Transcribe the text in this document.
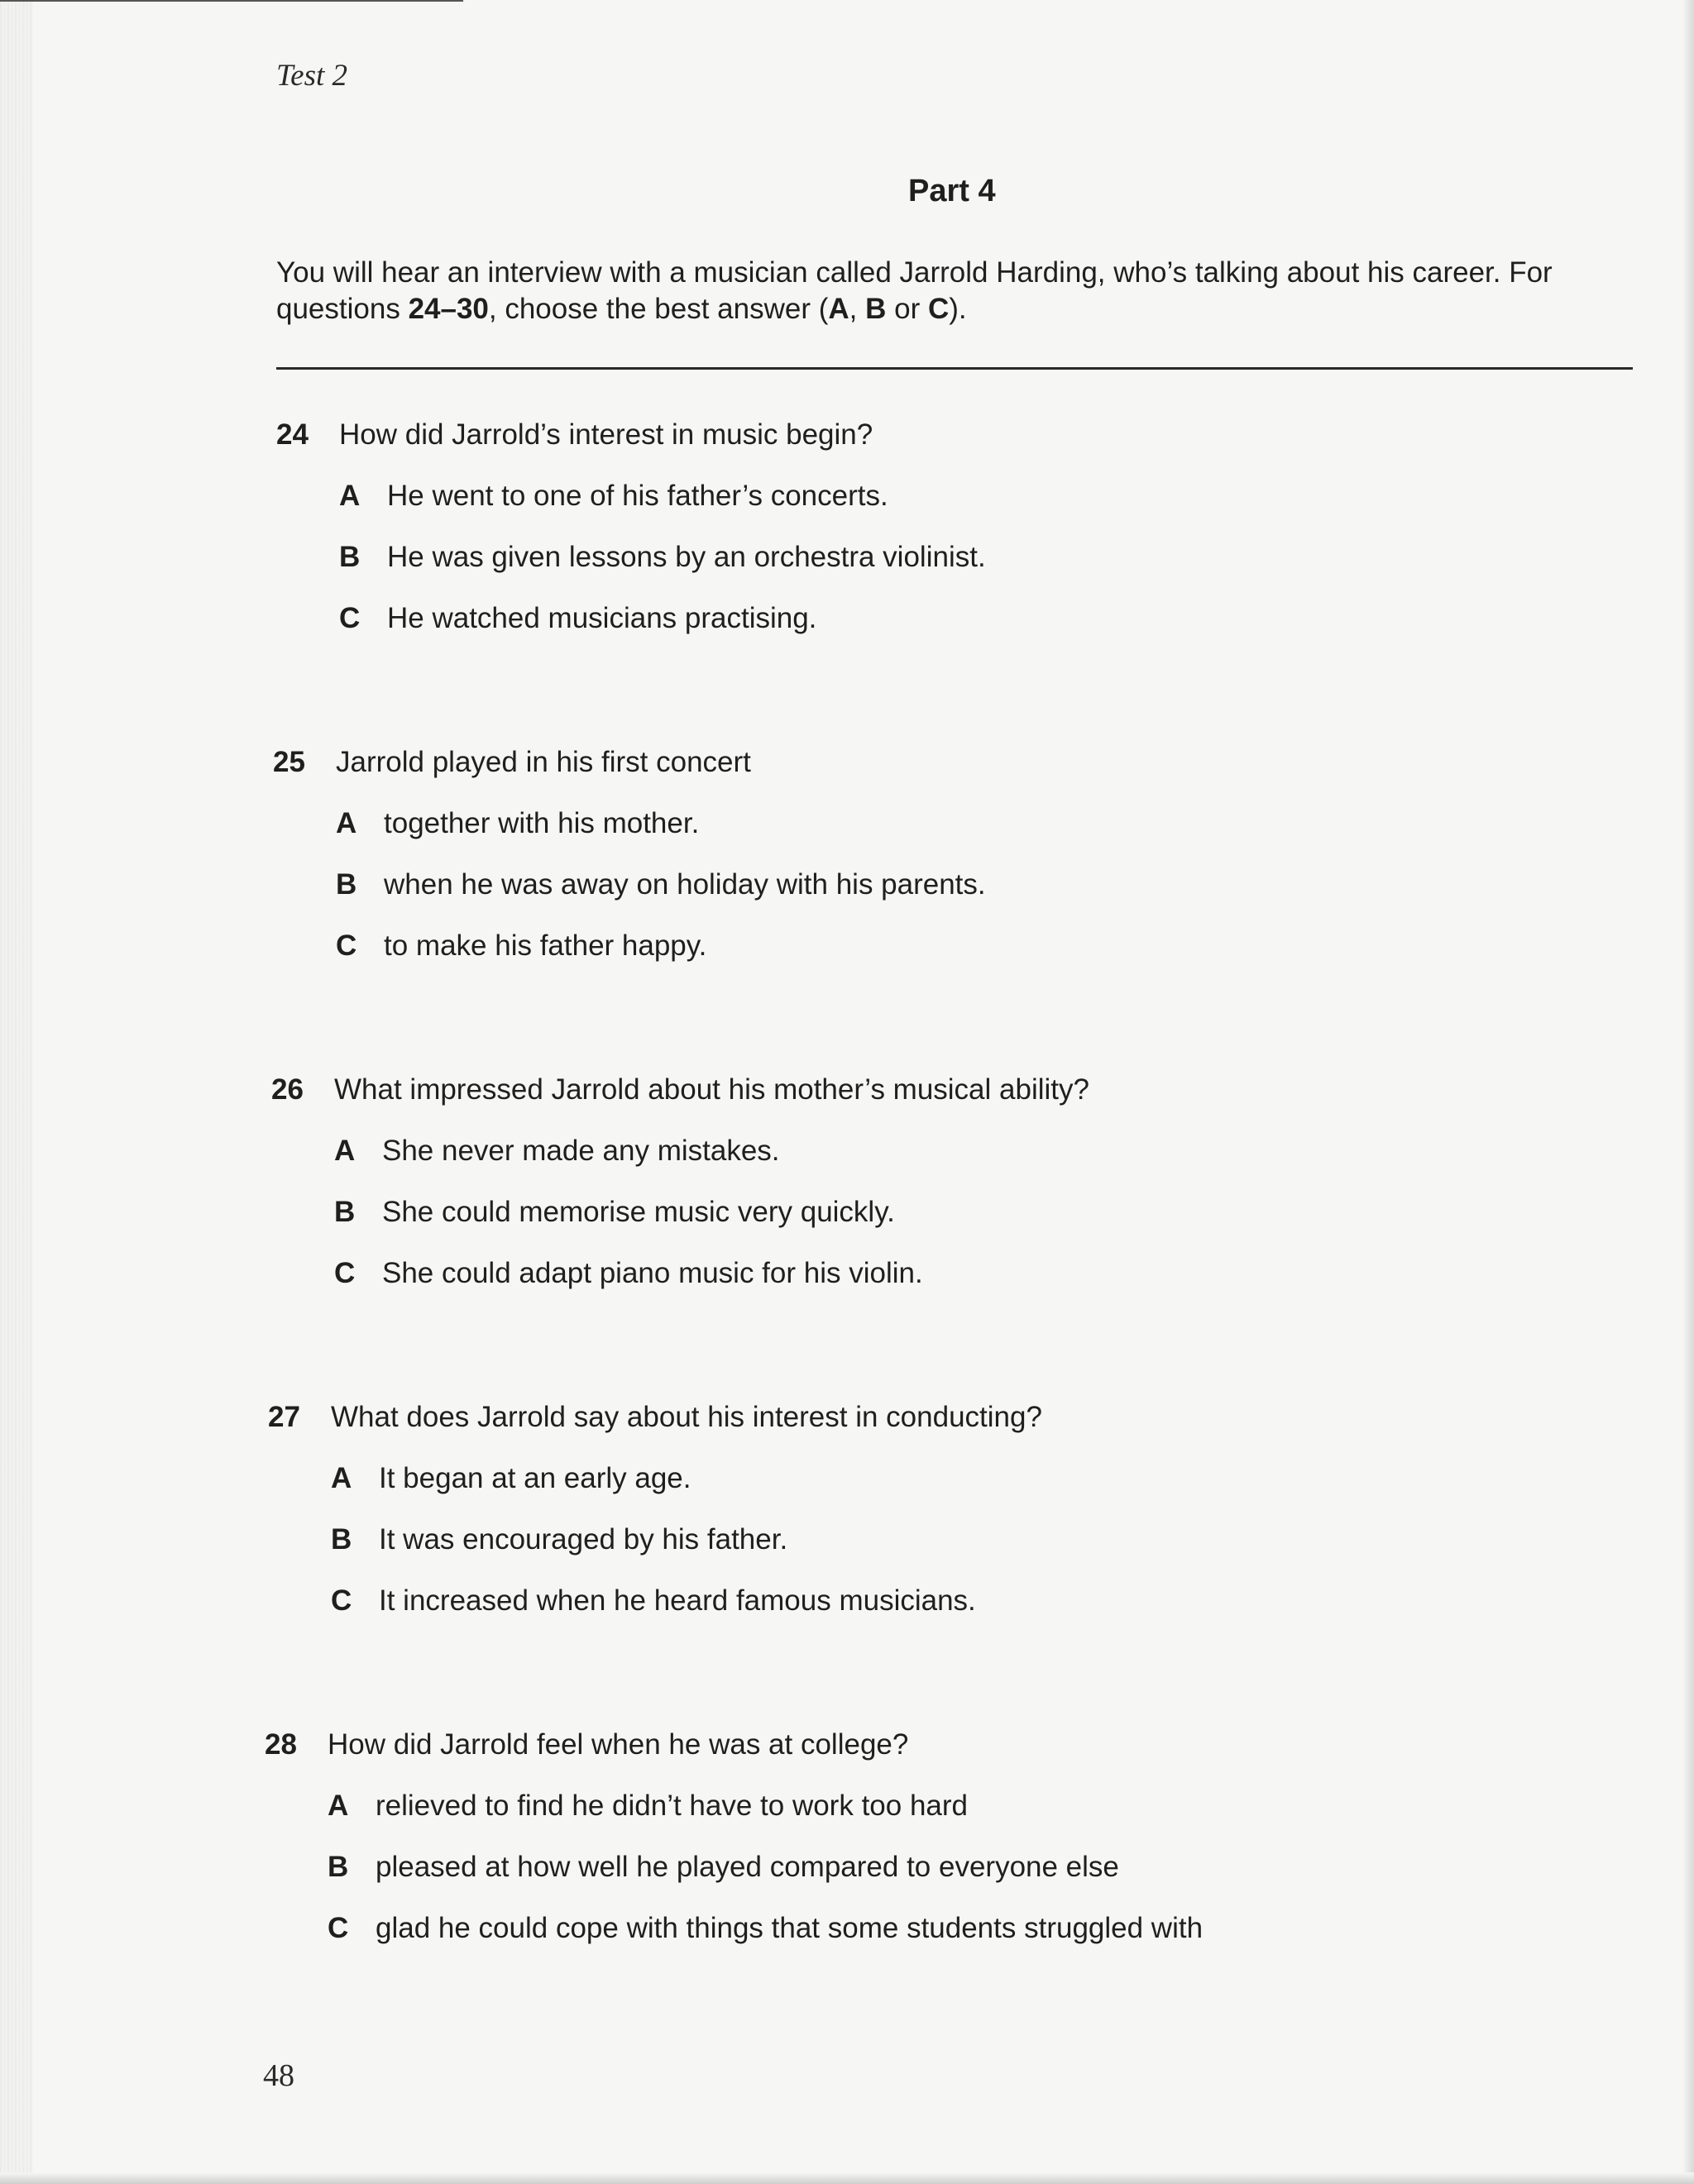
Test 2
Part 4
You will hear an interview with a musician called Jarrold Harding, who’s talking about his career. For questions 24–30, choose the best answer (A, B or C).
24	How did Jarrold’s interest in music begin?
A He went to one of his father’s concerts.
B He was given lessons by an orchestra violinist.
C He watched musicians practising.
25	Jarrold played in his first concert
A together with his mother.
B when he was away on holiday with his parents.
C to make his father happy.
26	What impressed Jarrold about his mother’s musical ability?
A She never made any mistakes.
B She could memorise music very quickly.
C She could adapt piano music for his violin.
27	What does Jarrold say about his interest in conducting?
A It began at an early age.
B It was encouraged by his father.
C It increased when he heard famous musicians.
28	How did Jarrold feel when he was at college?
A relieved to find he didn’t have to work too hard
B pleased at how well he played compared to everyone else
C glad he could cope with things that some students struggled with
48
